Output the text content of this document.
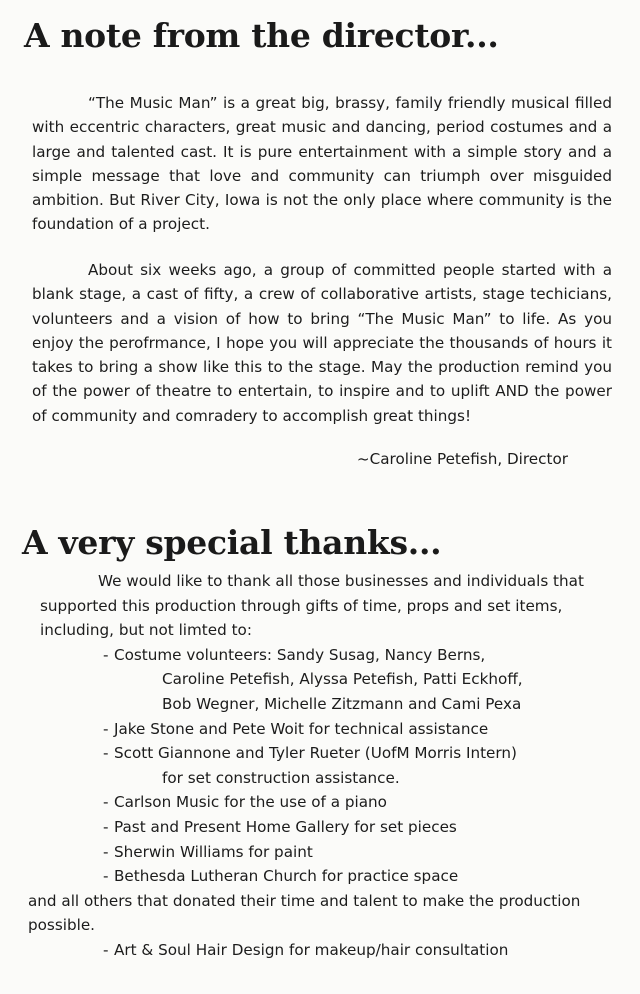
A note from the director...

“The Music Man” is a great big, brassy, family friendly musical filled with eccentric characters, great music and dancing, period costumes and a large and talented cast. It is pure entertainment with a simple story and a simple message that love and community can triumph over misguided ambition. But River City, Iowa is not the only place where community is the foundation of a project.

About six weeks ago, a group of committed people started with a blank stage, a cast of fifty, a crew of collaborative artists, stage techicians, volunteers and a vision of how to bring “The Music Man” to life. As you enjoy the perofrmance, I hope you will appreciate the thousands of hours it takes to bring a show like this to the stage. May the production remind you of the power of theatre to entertain, to inspire and to uplift AND the power of community and comradery to accomplish great things!

~Caroline Petefish, Director
A very special thanks...

We would like to thank all those businesses and individuals that supported this production through gifts of time, props and set items, including, but not limted to:

- Costume volunteers: Sandy Susag, Nancy Berns,
Caroline Petefish, Alyssa Petefish, Patti Eckhoff,
Bob Wegner, Michelle Zitzmann and Cami Pexa
- Jake Stone and Pete Woit for technical assistance
- Scott Giannone and Tyler Rueter (UofM Morris Intern)
for set construction assistance.
- Carlson Music for the use of a piano
- Past and Present Home Gallery for set pieces
- Sherwin Williams for paint
- Bethesda Lutheran Church for practice space

and all others that donated their time and talent to make the production possible.

- Art & Soul Hair Design for makeup/hair consultation
